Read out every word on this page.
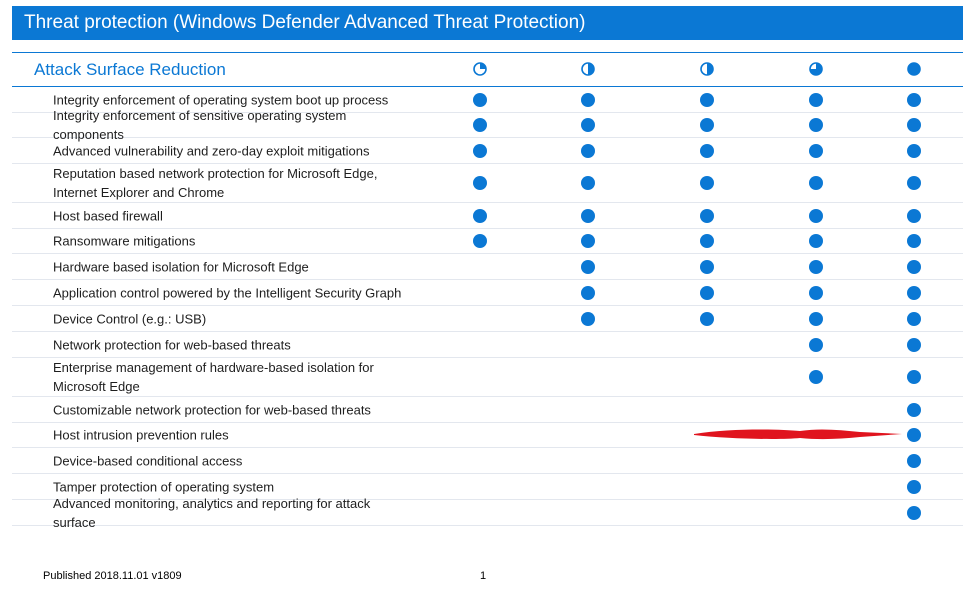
Threat protection (Windows Defender Advanced Threat Protection)
Attack Surface Reduction
Integrity enforcement of operating system boot up process
Integrity enforcement of sensitive operating system components
Advanced vulnerability and zero-day exploit mitigations
Reputation based network protection for Microsoft Edge, Internet Explorer and Chrome
Host based firewall
Ransomware mitigations
Hardware based isolation for Microsoft Edge
Application control powered by the Intelligent Security Graph
Device Control (e.g.: USB)
Network protection for web-based threats
Enterprise management of hardware-based isolation for Microsoft Edge
Customizable network protection for web-based threats
Host intrusion prevention rules
Device-based conditional access
Tamper protection of operating system
Advanced monitoring, analytics and reporting for attack surface
Published 2018.11.01 v1809	1
